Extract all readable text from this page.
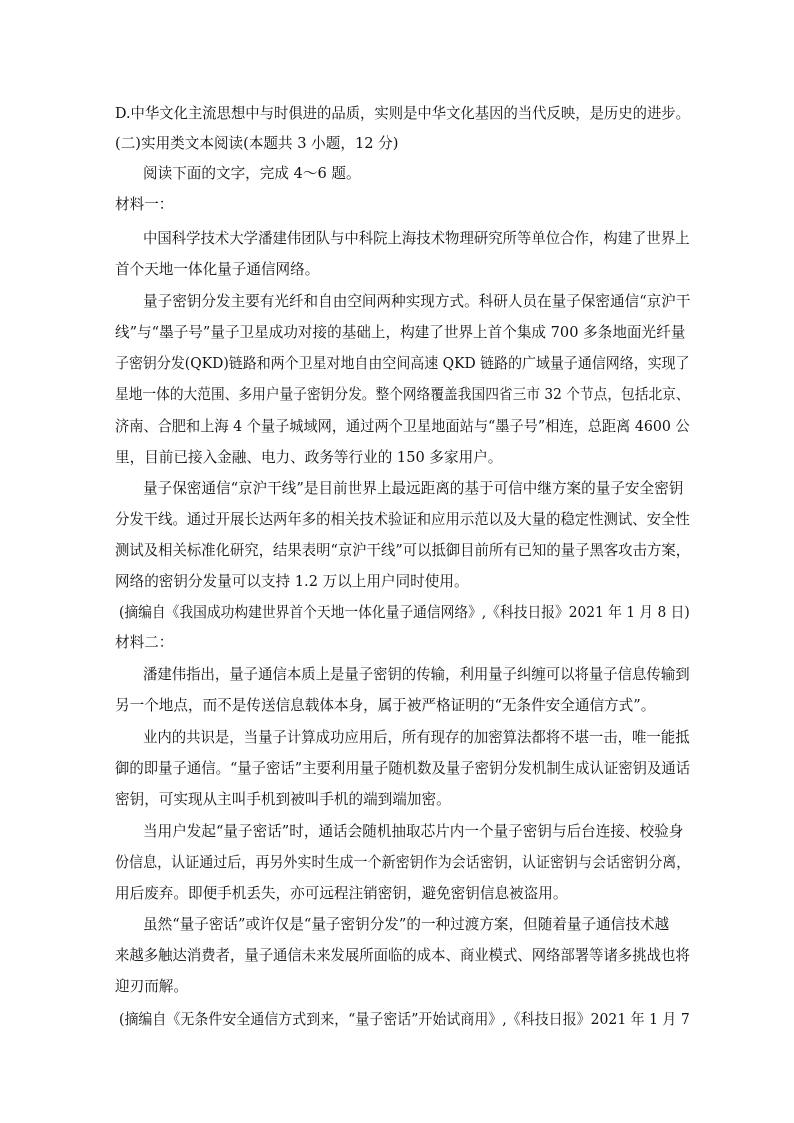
D.中华文化主流思想中与时俱进的品质，实则是中华文化基因的当代反映，是历史的进步。
(二)实用类文本阅读(本题共 3 小题，12 分)
阅读下面的文字，完成 4～6 题。
材料一：
中国科学技术大学潘建伟团队与中科院上海技术物理研究所等单位合作，构建了世界上
首个天地一体化量子通信网络。
量子密钥分发主要有光纤和自由空间两种实现方式。科研人员在量子保密通信“京沪干
线”与“墨子号”量子卫星成功对接的基础上，构建了世界上首个集成 700 多条地面光纤量
子密钥分发(QKD)链路和两个卫星对地自由空间高速 QKD 链路的广域量子通信网络，实现了
星地一体的大范围、多用户量子密钥分发。整个网络覆盖我国四省三市 32 个节点，包括北京、
济南、合肥和上海 4 个量子城域网，通过两个卫星地面站与“墨子号”相连，总距离 4600 公
里，目前已接入金融、电力、政务等行业的 150 多家用户。
量子保密通信“京沪干线”是目前世界上最远距离的基于可信中继方案的量子安全密钥
分发干线。通过开展长达两年多的相关技术验证和应用示范以及大量的稳定性测试、安全性
测试及相关标准化研究，结果表明“京沪干线”可以抵御目前所有已知的量子黑客攻击方案，
网络的密钥分发量可以支持 1.2 万以上用户同时使用。
(摘编自《我国成功构建世界首个天地一体化量子通信网络》,《科技日报》2021 年 1 月 8 日)
材料二：
潘建伟指出，量子通信本质上是量子密钥的传输，利用量子纠缠可以将量子信息传输到
另一个地点，而不是传送信息载体本身，属于被严格证明的“无条件安全通信方式”。
业内的共识是，当量子计算成功应用后，所有现存的加密算法都将不堪一击，唯一能抵
御的即量子通信。“量子密话”主要利用量子随机数及量子密钥分发机制生成认证密钥及通话
密钥，可实现从主叫手机到被叫手机的端到端加密。
当用户发起“量子密话”时，通话会随机抽取芯片内一个量子密钥与后台连接、校验身
份信息，认证通过后，再另外实时生成一个新密钥作为会话密钥，认证密钥与会话密钥分离，
用后废弃。即便手机丢失，亦可远程注销密钥，避免密钥信息被盗用。
虽然“量子密话”或许仅是“量子密钥分发”的一种过渡方案，但随着量子通信技术越
来越多触达消费者，量子通信未来发展所面临的成本、商业模式、网络部署等诸多挑战也将
迎刃而解。
(摘编自《无条件安全通信方式到来，“量子密话”开始试商用》,《科技日报》2021 年 1 月 7
